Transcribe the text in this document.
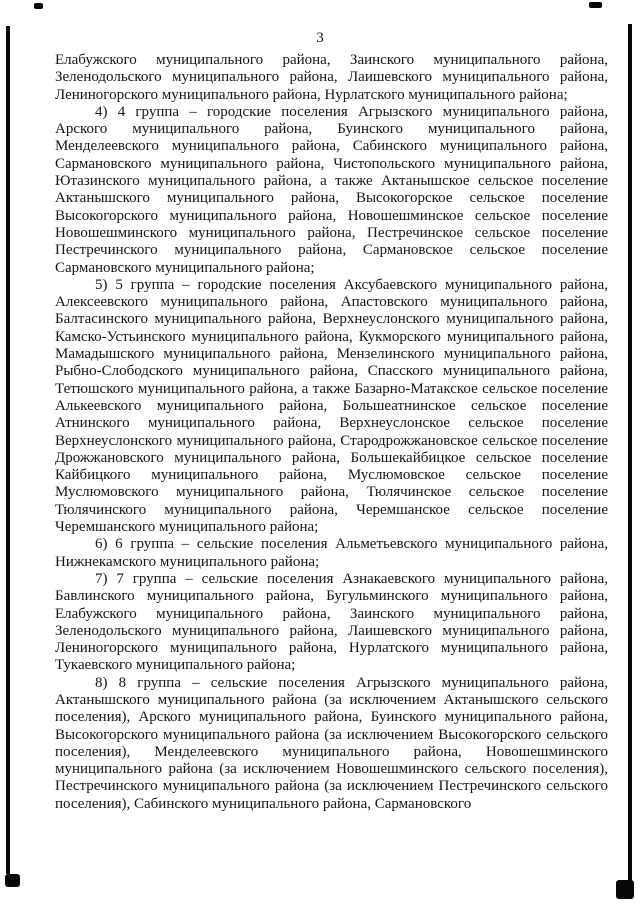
3

Елабужского муниципального района, Заинского муниципального района, Зеленодольского муниципального района, Лаишевского муниципального района, Лениногорского муниципального района, Нурлатского муниципального района;

4) 4 группа – городские поселения Агрызского муниципального района, Арского муниципального района, Буинского муниципального района, Менделеевского муниципального района, Сабинского муниципального района, Сармановского муниципального района, Чистопольского муниципального района, Ютазинского муниципального района, а также Актанышское сельское поселение Актанышского муниципального района, Высокогорское сельское поселение Высокогорского муниципального района, Новошешминское сельское поселение Новошешминского муниципального района, Пестречинское сельское поселение Пестречинского муниципального района, Сармановское сельское поселение Сармановского муниципального района;

5) 5 группа – городские поселения Аксубаевского муниципального района, Алексеевского муниципального района, Апастовского муниципального района, Балтасинского муниципального района, Верхнеуслонского муниципального района, Камско-Устьинского муниципального района, Кукморского муниципального района, Мамадышского муниципального района, Мензелинского муниципального района, Рыбно-Слободского муниципального района, Спасского муниципального района, Тетюшского муниципального района, а также Базарно-Матакское сельское поселение Алькеевского муниципального района, Большеатнинское сельское поселение Атнинского муниципального района, Верхнеуслонское сельское поселение Верхнеуслонского муниципального района, Стародрожжановское сельское поселение Дрожжановского муниципального района, Большекайбицкое сельское поселение Кайбицкого муниципального района, Муслюмовское сельское поселение Муслюмовского муниципального района, Тюлячинское сельское поселение Тюлячинского муниципального района, Черемшанское сельское поселение Черемшанского муниципального района;

6) 6 группа – сельские поселения Альметьевского муниципального района, Нижнекамского муниципального района;

7) 7 группа – сельские поселения Азнакаевского муниципального района, Бавлинского муниципального района, Бугульминского муниципального района, Елабужского муниципального района, Заинского муниципального района, Зеленодольского муниципального района, Лаишевского муниципального района, Лениногорского муниципального района, Нурлатского муниципального района, Тукаевского муниципального района;

8) 8 группа – сельские поселения Агрызского муниципального района, Актанышского муниципального района (за исключением Актанышского сельского поселения), Арского муниципального района, Буинского муниципального района, Высокогорского муниципального района (за исключением Высокогорского сельского поселения), Менделеевского муниципального района, Новошешминского муниципального района (за исключением Новошешминского сельского поселения), Пестречинского муниципального района (за исключением Пестречинского сельского поселения), Сабинского муниципального района, Сармановского
